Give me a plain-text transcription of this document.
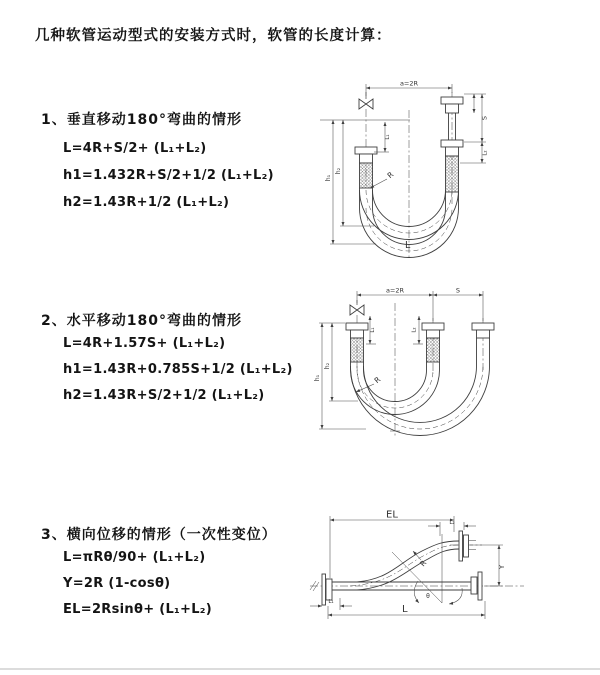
几种软管运动型式的安装方式时，软管的长度计算：
1、垂直移动180°弯曲的情形
L=4R+S/2+ (L₁+L₂)
h1=1.432R+S/2+1/2 (L₁+L₂)
h2=1.43R+1/2 (L₁+L₂)
2、水平移动180°弯曲的情形
L=4R+1.57S+ (L₁+L₂)
h1=1.43R+0.785S+1/2 (L₁+L₂)
h2=1.43R+S/2+1/2 (L₁+L₂)
3、横向位移的情形（一次性变位）
L=πRθ/90+ (L₁+L₂)
Y=2R (1-cosθ)
EL=2Rsinθ+ (L₁+L₂)
a=2R
L₁
S
L₂
h₁
h₂	R
L
a=2R	S
L₁	L₂
h₁
h₂
R
EL
L₂
R	Y
θ
L
L₁
